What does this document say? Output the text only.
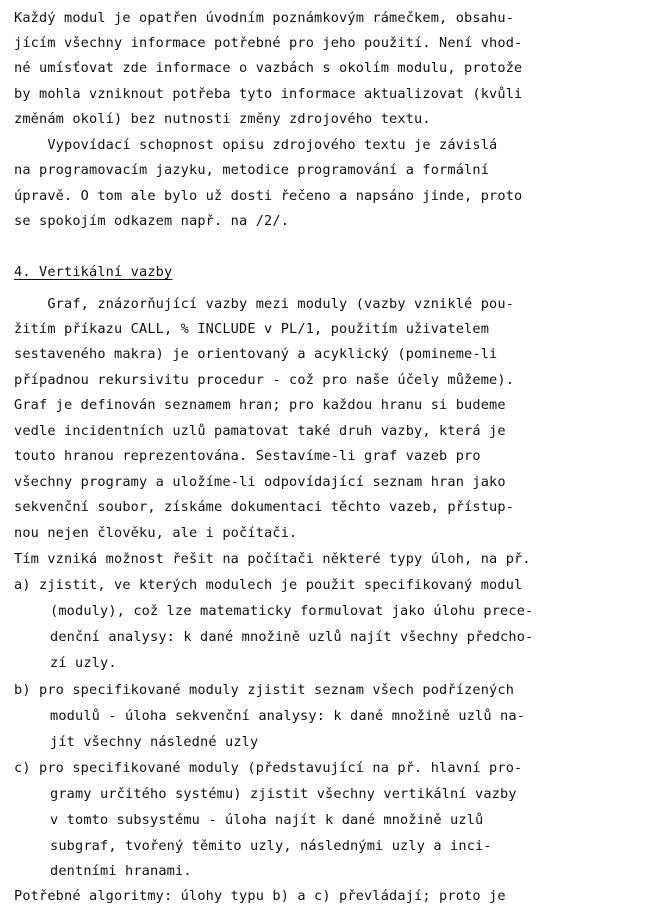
Každý modul je opatřen úvodním poznámkovým rámečkem, obsahu-
jícím všechny informace potřebné pro jeho použití. Není vhod-
né umísťovat zde informace o vazbách s okolím modulu, protože
by mohla vzniknout potřeba tyto informace aktualizovat (kvůli
změnám okolí) bez nutnosti změny zdrojového textu.
Vypovídací schopnost opisu zdrojového textu je závislá
na programovacím jazyku, metodice programování a formální
úpravě. O tom ale bylo už dosti řečeno a napsáno jinde, proto
se spokojím odkazem např. na /2/.
4. Vertikální vazby
Graf, znázorňující vazby mezi moduly (vazby vzniklé pou-
žitím příkazu CALL, % INCLUDE v PL/1, použitím uživatelem
sestaveného makra) je orientovaný a acyklický (pomineme-li
případnou rekursivitu procedur - což pro naše účely můžeme).
Graf je definován seznamem hran; pro každou hranu si budeme
vedle incidentních uzlů pamatovat také druh vazby, která je
touto hranou reprezentována. Sestavíme-li graf vazeb pro
všechny programy a uložíme-li odpovídající seznam hran jako
sekvenční soubor, získáme dokumentaci těchto vazeb, přístup-
nou nejen člověku, ale i počítači.
Tím vzniká možnost řešit na počítači některé typy úloh, na př.
a) zjistit, ve kterých modulech je použit specifikovaný modul
(moduly), což lze matematicky formulovat jako úlohu prece-
denční analysy: k dané množině uzlů najít všechny předcho-
zí uzly.
b) pro specifikované moduly zjistit seznam všech podřízených
modulů - úloha sekvenční analysy: k dané množině uzlů na-
jít všechny následné uzly
c) pro specifikované moduly (představující na př. hlavní pro-
gramy určitého systému) zjistit všechny vertikální vazby
v tomto subsystému - úloha najít k dané množině uzlů
subgraf, tvořený těmito uzly, následnými uzly a inci-
dentními hranami.
Potřebné algoritmy: úlohy typu b) a c) převládají; proto je
